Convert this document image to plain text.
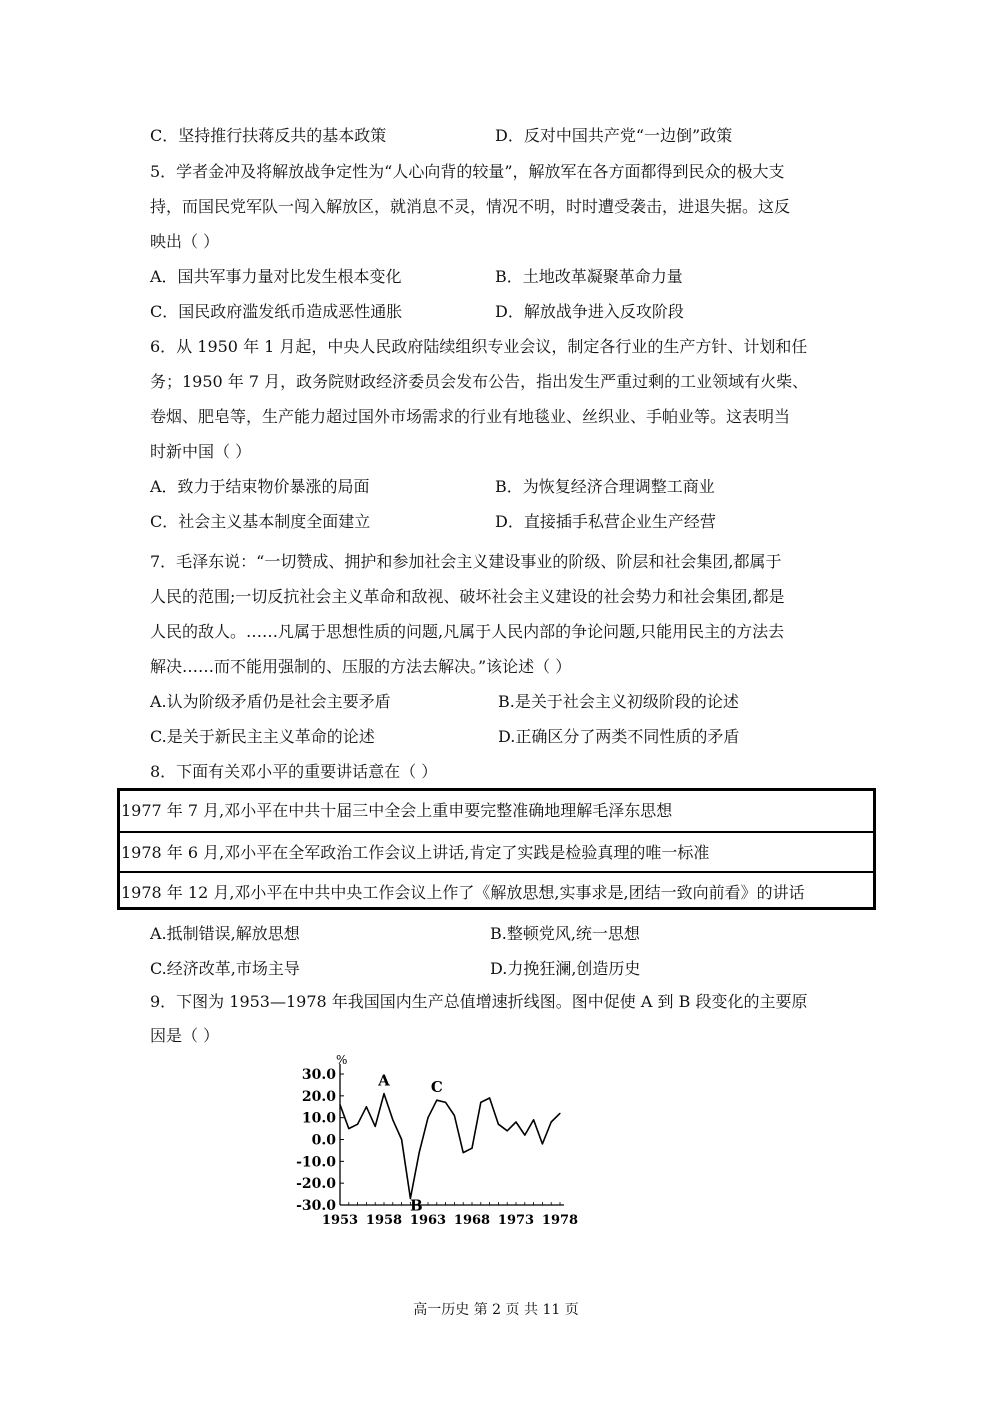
C．坚持推行扶蒋反共的基本政策	D．反对中国共产党“一边倒”政策
5．学者金冲及将解放战争定性为“人心向背的较量”，解放军在各方面都得到民众的极大支
持，而国民党军队一闯入解放区，就消息不灵，情况不明，时时遭受袭击，进退失据。这反
映出（ ）
A．国共军事力量对比发生根本变化	B．土地改革凝聚革命力量
C．国民政府滥发纸币造成恶性通胀	D．解放战争进入反攻阶段
6．从 1950 年 1 月起，中央人民政府陆续组织专业会议，制定各行业的生产方针、计划和任
务；1950 年 7 月，政务院财政经济委员会发布公告，指出发生严重过剩的工业领域有火柴、
卷烟、肥皂等，生产能力超过国外市场需求的行业有地毯业、丝织业、手帕业等。这表明当
时新中国（ ）
A．致力于结束物价暴涨的局面	B．为恢复经济合理调整工商业
C．社会主义基本制度全面建立	D．直接插手私营企业生产经营
7．毛泽东说：“一切赞成、拥护和参加社会主义建设事业的阶级、阶层和社会集团,都属于
人民的范围;一切反抗社会主义革命和敌视、破坏社会主义建设的社会势力和社会集团,都是
人民的敌人。……凡属于思想性质的问题,凡属于人民内部的争论问题,只能用民主的方法去
解决……而不能用强制的、压服的方法去解决。”该论述（ ）
A.认为阶级矛盾仍是社会主要矛盾	B.是关于社会主义初级阶段的论述
C.是关于新民主主义革命的论述	D.正确区分了两类不同性质的矛盾
8．下面有关邓小平的重要讲话意在（ ）
1977 年 7 月,邓小平在中共十届三中全会上重申要完整准确地理解毛泽东思想
1978 年 6 月,邓小平在全军政治工作会议上讲话,肯定了实践是检验真理的唯一标准
1978 年 12 月,邓小平在中共中央工作会议上作了《解放思想,实事求是,团结一致向前看》的讲话
A.抵制错误,解放思想	B.整顿党风,统一思想
C.经济改革,市场主导	D.力挽狂澜,创造历史
9．下图为 1953—1978 年我国国内生产总值增速折线图。图中促使 A 到 B 段变化的主要原
因是（ ）
%
30.0
20.0
10.0
0.0
-10.0
-20.0
-30.0
1953 1958 1963 1968 1973 1978
A
B
C
高一历史 第 2 页 共 11 页
